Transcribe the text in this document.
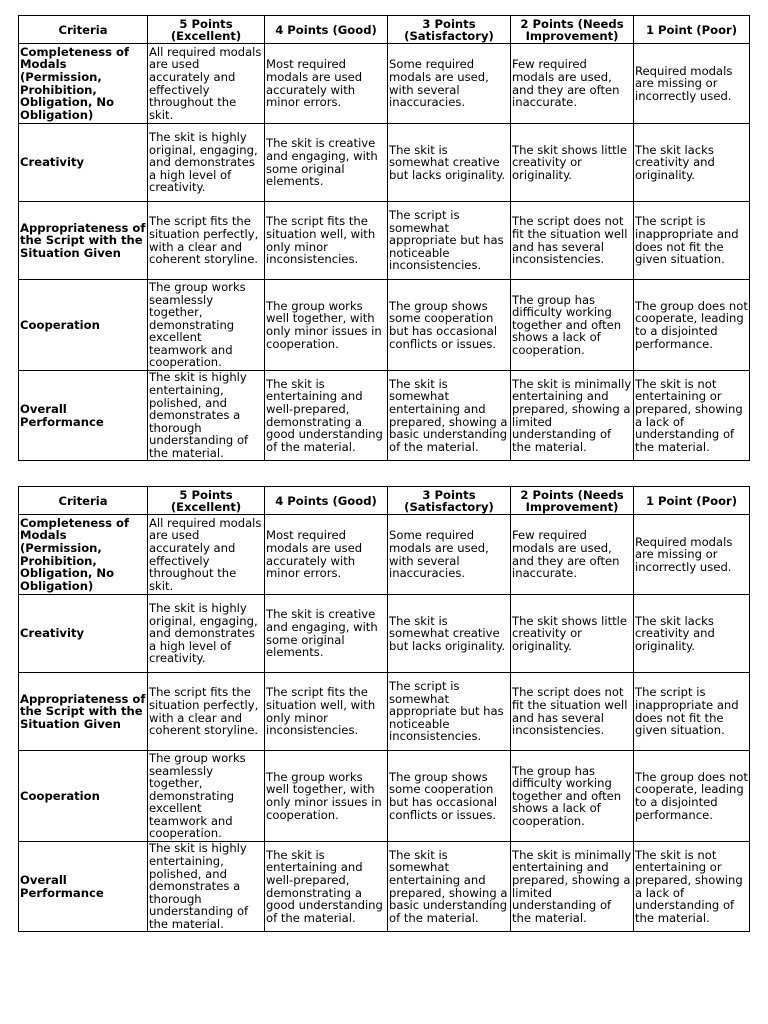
Criteria	5 Points (Excellent)	4 Points (Good)	3 Points (Satisfactory)	2 Points (Needs Improvement)	1 Point (Poor)
Completeness of Modals (Permission, Prohibition, Obligation, No Obligation)	All required modals are used accurately and effectively throughout the skit.	Most required modals are used accurately with minor errors.	Some required modals are used, with several inaccuracies.	Few required modals are used, and they are often inaccurate.	Required modals are missing or incorrectly used.
Creativity	The skit is highly original, engaging, and demonstrates a high level of creativity.	The skit is creative and engaging, with some original elements.	The skit is somewhat creative but lacks originality.	The skit shows little creativity or originality.	The skit lacks creativity and originality.
Appropriateness of the Script with the Situation Given	The script fits the situation perfectly, with a clear and coherent storyline.	The script fits the situation well, with only minor inconsistencies.	The script is somewhat appropriate but has noticeable inconsistencies.	The script does not fit the situation well and has several inconsistencies.	The script is inappropriate and does not fit the given situation.
Cooperation	The group works seamlessly together, demonstrating excellent teamwork and cooperation.	The group works well together, with only minor issues in cooperation.	The group shows some cooperation but has occasional conflicts or issues.	The group has difficulty working together and often shows a lack of cooperation.	The group does not cooperate, leading to a disjointed performance.
Overall Performance	The skit is highly entertaining, polished, and demonstrates a thorough understanding of the material.	The skit is entertaining and well-prepared, demonstrating a good understanding of the material.	The skit is somewhat entertaining and prepared, showing a basic understanding of the material.	The skit is minimally entertaining and prepared, showing a limited understanding of the material.	The skit is not entertaining or prepared, showing a lack of understanding of the material.
Criteria	5 Points (Excellent)	4 Points (Good)	3 Points (Satisfactory)	2 Points (Needs Improvement)	1 Point (Poor)
Completeness of Modals (Permission, Prohibition, Obligation, No Obligation)	All required modals are used accurately and effectively throughout the skit.	Most required modals are used accurately with minor errors.	Some required modals are used, with several inaccuracies.	Few required modals are used, and they are often inaccurate.	Required modals are missing or incorrectly used.
Creativity	The skit is highly original, engaging, and demonstrates a high level of creativity.	The skit is creative and engaging, with some original elements.	The skit is somewhat creative but lacks originality.	The skit shows little creativity or originality.	The skit lacks creativity and originality.
Appropriateness of the Script with the Situation Given	The script fits the situation perfectly, with a clear and coherent storyline.	The script fits the situation well, with only minor inconsistencies.	The script is somewhat appropriate but has noticeable inconsistencies.	The script does not fit the situation well and has several inconsistencies.	The script is inappropriate and does not fit the given situation.
Cooperation	The group works seamlessly together, demonstrating excellent teamwork and cooperation.	The group works well together, with only minor issues in cooperation.	The group shows some cooperation but has occasional conflicts or issues.	The group has difficulty working together and often shows a lack of cooperation.	The group does not cooperate, leading to a disjointed performance.
Overall Performance	The skit is highly entertaining, polished, and demonstrates a thorough understanding of the material.	The skit is entertaining and well-prepared, demonstrating a good understanding of the material.	The skit is somewhat entertaining and prepared, showing a basic understanding of the material.	The skit is minimally entertaining and prepared, showing a limited understanding of the material.	The skit is not entertaining or prepared, showing a lack of understanding of the material.
